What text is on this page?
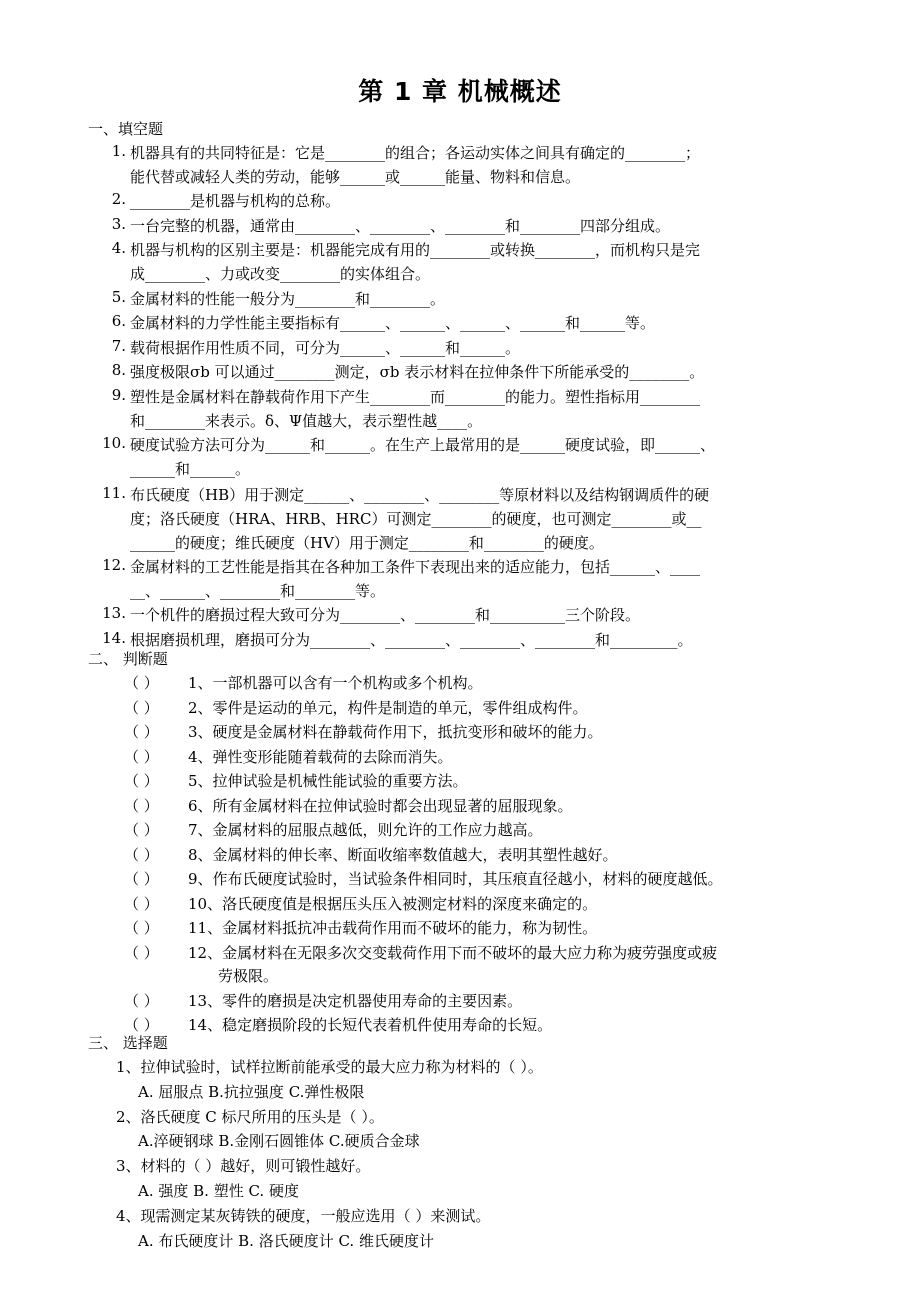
第 1 章 机械概述
一、填空题
1. 机器具有的共同特征是：它是________的组合；各运动实体之间具有确定的________；
能代替或减轻人类的劳动，能够______或______能量、物料和信息。
2. ________是机器与机构的总称。
3. 一台完整的机器，通常由________、________、________和________四部分组成。
4. 机器与机构的区别主要是：机器能完成有用的________或转换________，而机构只是完
成________、力或改变________的实体组合。
5. 金属材料的性能一般分为________和________。
6. 金属材料的力学性能主要指标有______、______、______、______和______等。
7. 载荷根据作用性质不同，可分为______、______和______。
8. 强度极限σb 可以通过________测定，σb 表示材料在拉伸条件下所能承受的________。
9. 塑性是金属材料在静载荷作用下产生________而________的能力。塑性指标用________
和________来表示。δ、Ψ值越大，表示塑性越____。
10. 硬度试验方法可分为______和______。在生产上最常用的是______硬度试验，即______、
______和______。
11. 布氏硬度（HB）用于测定______、________、________等原材料以及结构钢调质件的硬
度；洛氏硬度（HRA、HRB、HRC）可测定________的硬度，也可测定________或__
______的硬度；维氏硬度（HV）用于测定________和________的硬度。
12. 金属材料的工艺性能是指其在各种加工条件下表现出来的适应能力，包括______、____
__、______、________和________等。
13. 一个机件的磨损过程大致可分为________、________和__________三个阶段。
14. 根据磨损机理，磨损可分为________、________、________、________和_________。
二、 判断题
（ ） 1、一部机器可以含有一个机构或多个机构。
（ ） 2、零件是运动的单元，构件是制造的单元，零件组成构件。
（ ） 3、硬度是金属材料在静载荷作用下，抵抗变形和破坏的能力。
（ ） 4、弹性变形能随着载荷的去除而消失。
（ ） 5、拉伸试验是机械性能试验的重要方法。
（ ） 6、所有金属材料在拉伸试验时都会出现显著的屈服现象。
（ ） 7、金属材料的屈服点越低，则允许的工作应力越高。
（ ） 8、金属材料的伸长率、断面收缩率数值越大，表明其塑性越好。
（ ） 9、作布氏硬度试验时，当试验条件相同时，其压痕直径越小，材料的硬度越低。
（ ） 10、洛氏硬度值是根据压头压入被测定材料的深度来确定的。
（ ） 11、金属材料抵抗冲击载荷作用而不破坏的能力，称为韧性。
（ ） 12、金属材料在无限多次交变载荷作用下而不破坏的最大应力称为疲劳强度或疲
劳极限。
（ ） 13、零件的磨损是决定机器使用寿命的主要因素。
（ ） 14、稳定磨损阶段的长短代表着机件使用寿命的长短。
三、 选择题
1、拉伸试验时，试样拉断前能承受的最大应力称为材料的（ ）。
A. 屈服点 B.抗拉强度 C.弹性极限
2、洛氏硬度 C 标尺所用的压头是（ ）。
A.淬硬钢球 B.金刚石圆锥体 C.硬质合金球
3、材料的（ ）越好，则可锻性越好。
A. 强度 B. 塑性 C. 硬度
4、现需测定某灰铸铁的硬度，一般应选用（ ）来测试。
A. 布氏硬度计 B. 洛氏硬度计 C. 维氏硬度计
